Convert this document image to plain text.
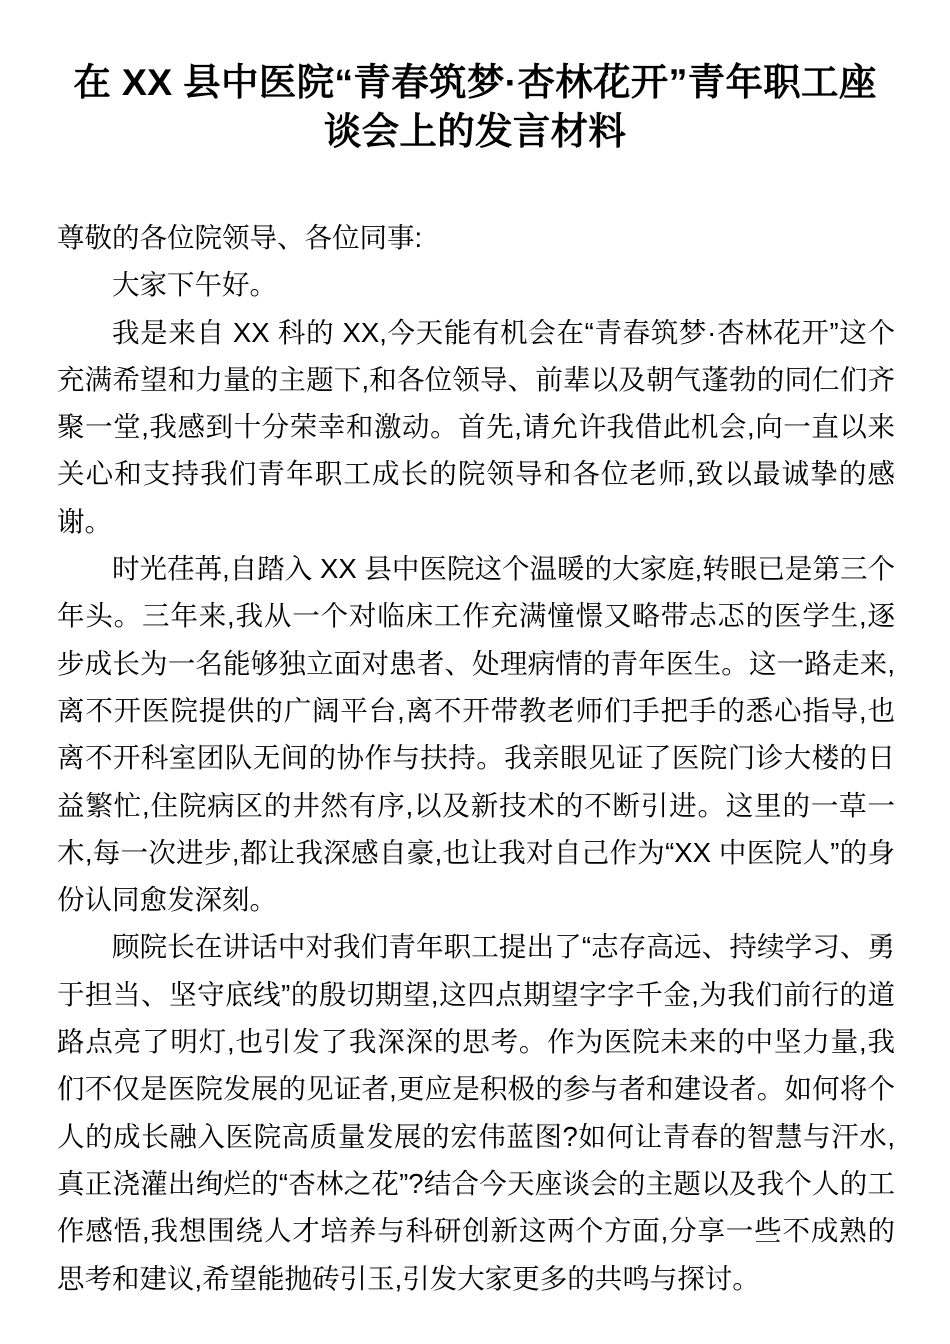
在 XX 县中医院“青春筑梦·杏林花开”青年职工座谈会上的发言材料

尊敬的各位院领导、各位同事:

大家下午好。

我是来自 XX 科的 XX,今天能有机会在“青春筑梦·杏林花开”这个充满希望和力量的主题下,和各位领导、前辈以及朝气蓬勃的同仁们齐聚一堂,我感到十分荣幸和激动。首先,请允许我借此机会,向一直以来关心和支持我们青年职工成长的院领导和各位老师,致以最诚挚的感谢。

时光荏苒,自踏入 XX 县中医院这个温暖的大家庭,转眼已是第三个年头。三年来,我从一个对临床工作充满憧憬又略带忐忑的医学生,逐步成长为一名能够独立面对患者、处理病情的青年医生。这一路走来,离不开医院提供的广阔平台,离不开带教老师们手把手的悉心指导,也离不开科室团队无间的协作与扶持。我亲眼见证了医院门诊大楼的日益繁忙,住院病区的井然有序,以及新技术的不断引进。这里的一草一木,每一次进步,都让我深感自豪,也让我对自己作为“XX 中医院人”的身份认同愈发深刻。

顾院长在讲话中对我们青年职工提出了“志存高远、持续学习、勇于担当、坚守底线”的殷切期望,这四点期望字字千金,为我们前行的道路点亮了明灯,也引发了我深深的思考。作为医院未来的中坚力量,我们不仅是医院发展的见证者,更应是积极的参与者和建设者。如何将个人的成长融入医院高质量发展的宏伟蓝图?如何让青春的智慧与汗水,真正浇灌出绚烂的“杏林之花”?结合今天座谈会的主题以及我个人的工作感悟,我想围绕人才培养与科研创新这两个方面,分享一些不成熟的思考和建议,希望能抛砖引玉,引发大家更多的共鸣与探讨。
